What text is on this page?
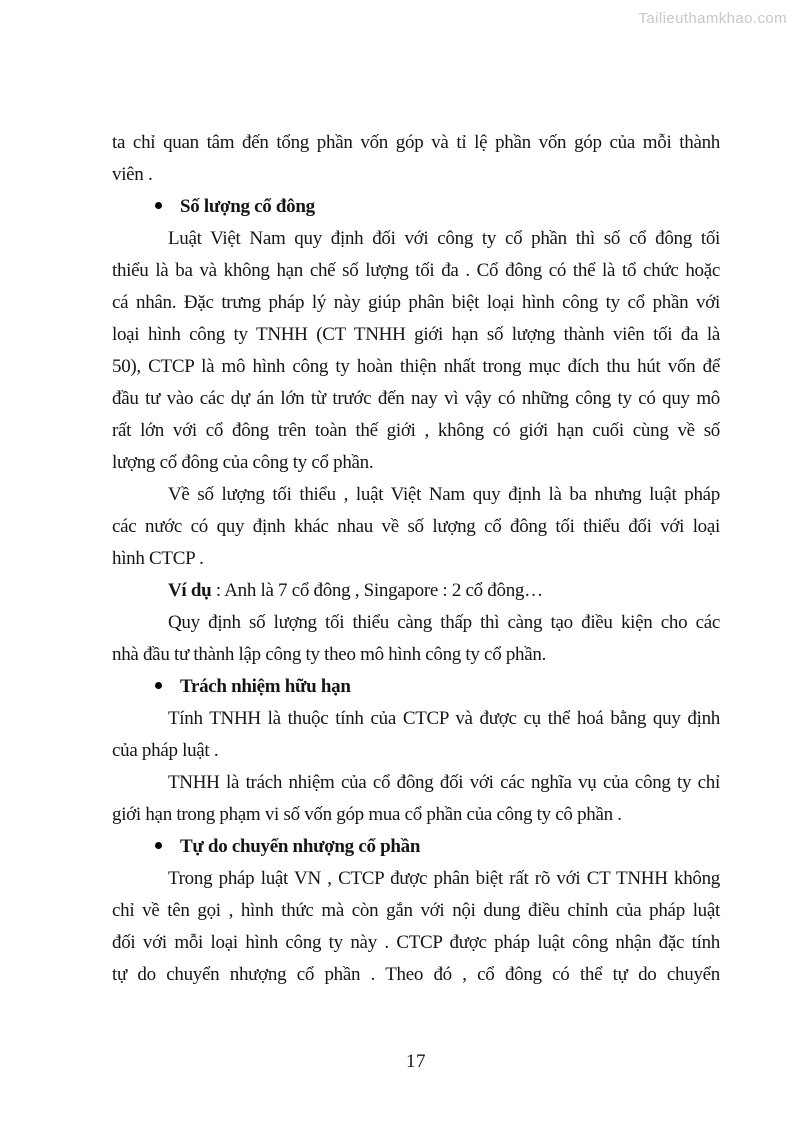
Tailieuthamkhao.com
ta chỉ quan tâm đến tổng phần vốn góp và tỉ lệ phần vốn góp của mỗi thành
viên .
Số lượng cổ đông
Luật Việt Nam quy định đối với công ty cổ phần thì số cổ đông tối
thiểu là ba và không hạn chế số lượng tối đa . Cổ đông có thể là tổ chức hoặc
cá nhân. Đặc trưng pháp lý này giúp phân biệt loại hình công ty cổ phần với
loại hình công ty TNHH (CT TNHH giới hạn số lượng thành viên tối đa là
50), CTCP là mô hình công ty hoàn thiện nhất trong mục đích thu hút vốn để
đầu tư vào các dự án lớn từ trước đến nay vì vậy có những công ty có quy mô
rất lớn với cổ đông trên toàn thế giới , không có giới hạn cuối cùng về số
lượng cổ đông của công ty cổ phần.
Về số lượng tối thiểu , luật Việt Nam quy định là ba nhưng luật pháp
các nước có quy định khác nhau về số lượng cổ đông tối thiểu đối với loại
hình CTCP .
Ví dụ : Anh là 7 cổ đông , Singapore : 2 cổ đông…
Quy định số lượng tối thiểu càng thấp thì càng tạo điều kiện cho các
nhà đầu tư thành lập công ty theo mô hình công ty cổ phần.
Trách nhiệm hữu hạn
Tính TNHH là thuộc tính của CTCP và được cụ thể hoá bằng quy định
của pháp luật .
TNHH là trách nhiệm của cổ đông đối với các nghĩa vụ của công ty chỉ
giới hạn trong phạm vi số vốn góp mua cổ phần của công ty cô phần .
Tự do chuyển nhượng cổ phần
Trong pháp luật VN , CTCP được phân biệt rất rõ với CT TNHH không
chỉ về tên gọi , hình thức mà còn gắn với nội dung điều chỉnh của pháp luật
đối với mỗi loại hình công ty này . CTCP được pháp luật công nhận đặc tính
tự do chuyển nhượng cổ phần . Theo đó , cổ đông có thể tự do chuyển
17
